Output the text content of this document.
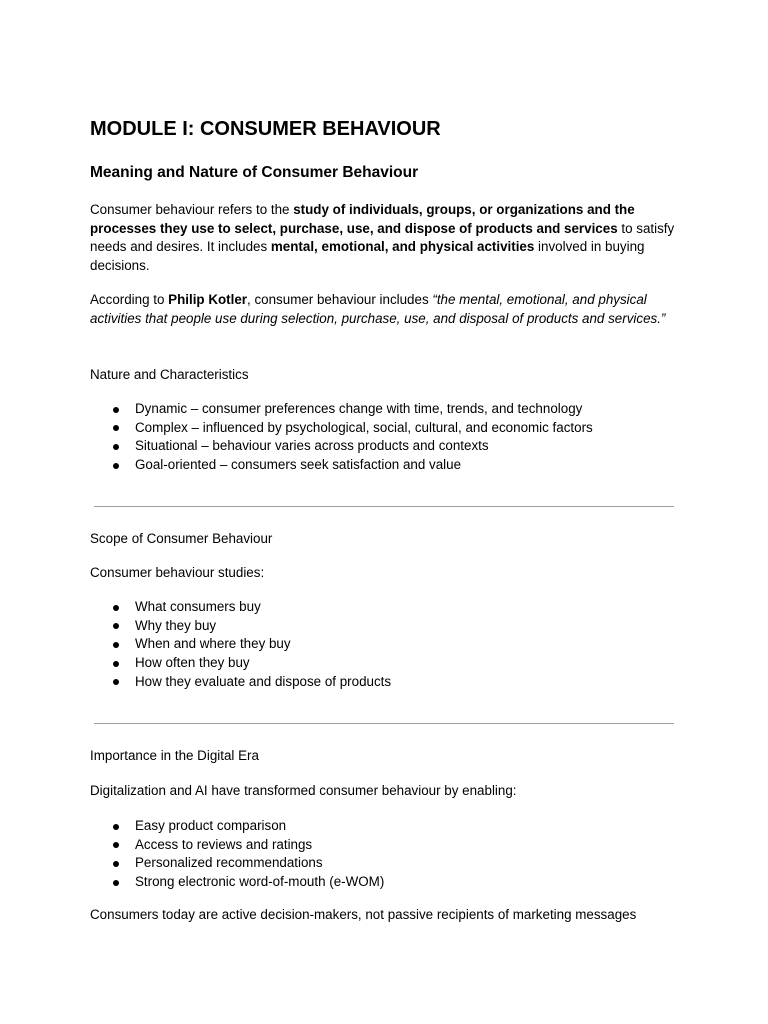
MODULE I: CONSUMER BEHAVIOUR
Meaning and Nature of Consumer Behaviour

Consumer behaviour refers to the study of individuals, groups, or organizations and the processes they use to select, purchase, use, and dispose of products and services to satisfy needs and desires. It includes mental, emotional, and physical activities involved in buying decisions.

According to Philip Kotler, consumer behaviour includes “the mental, emotional, and physical activities that people use during selection, purchase, use, and disposal of products and services.”

Nature and Characteristics

Dynamic – consumer preferences change with time, trends, and technology
Complex – influenced by psychological, social, cultural, and economic factors
Situational – behaviour varies across products and contexts
Goal-oriented – consumers seek satisfaction and value

Scope of Consumer Behaviour

Consumer behaviour studies:

What consumers buy
Why they buy
When and where they buy
How often they buy
How they evaluate and dispose of products

Importance in the Digital Era

Digitalization and AI have transformed consumer behaviour by enabling:

Easy product comparison
Access to reviews and ratings
Personalized recommendations
Strong electronic word-of-mouth (e-WOM)

Consumers today are active decision-makers, not passive recipients of marketing messages
